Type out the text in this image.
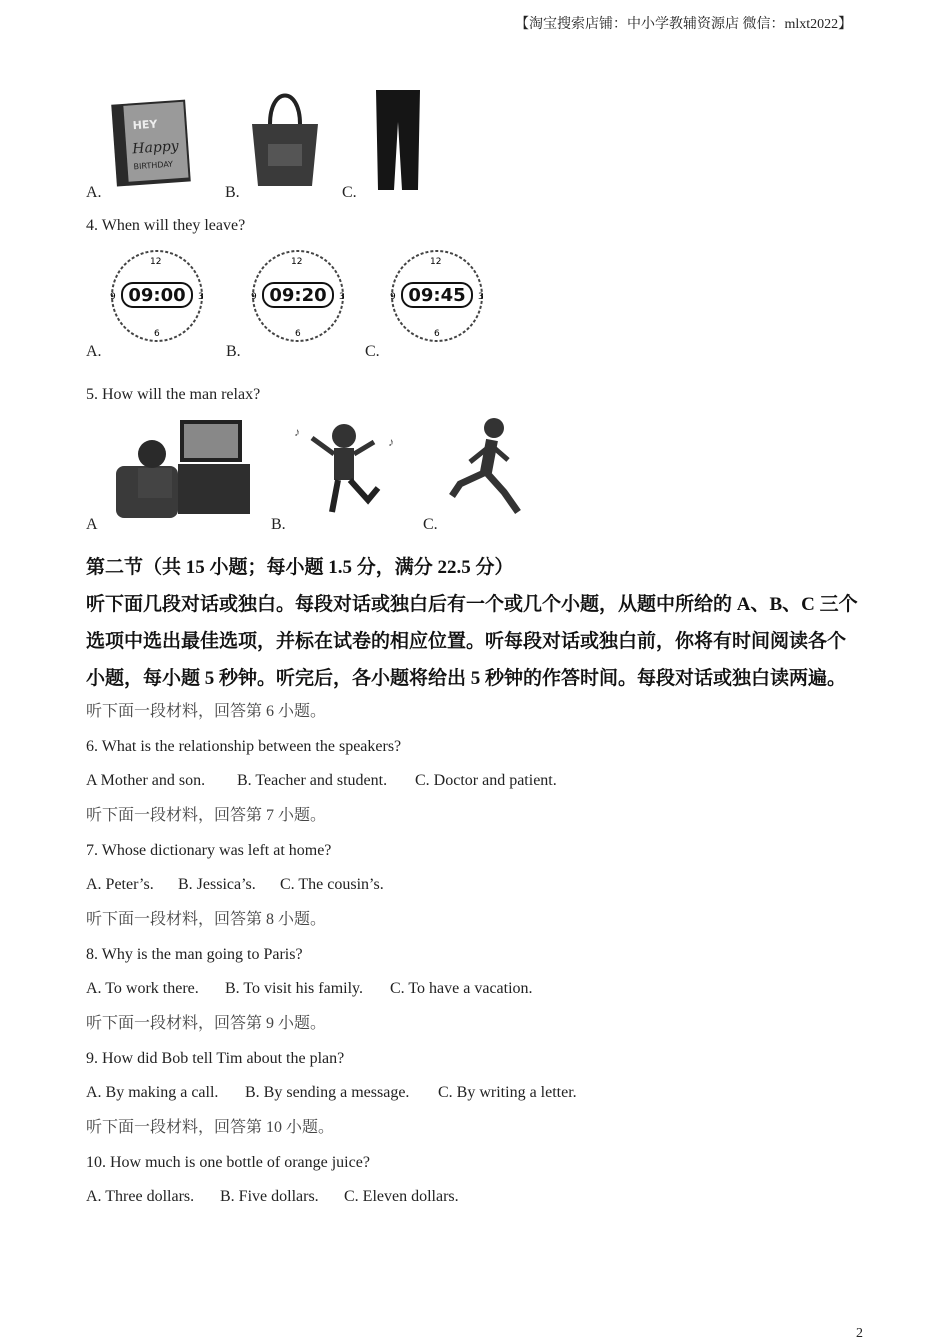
【淘宝搜索店铺：中小学教辅资源店 微信：mlxt2022】
HEY
Happy
BIRTHDAY
A.	B.	C.
4. When will they leave?
12
3
6
9 09:00
12
3
6
9 09:20
12
3
6
9 09:45
A.	B.	C.
5. How will the man relax?
♪
♪
A	B.	C.
第二节（共 15 小题；每小题 1.5 分，满分 22.5 分）
听下面几段对话或独白。每段对话或独白后有一个或几个小题，从题中所给的 A、B、C 三个
选项中选出最佳选项，并标在试卷的相应位置。听每段对话或独白前，你将有时间阅读各个
小题，每小题 5 秒钟。听完后，各小题将给出 5 秒钟的作答时间。每段对话或独白读两遍。
听下面一段材料，回答第 6 小题。
6. What is the relationship between the speakers?
A Mother and son. B. Teacher and student. C. Doctor and patient.
听下面一段材料，回答第 7 小题。
7. Whose dictionary was left at home?
A. Peter’s. B. Jessica’s. C. The cousin’s.
听下面一段材料，回答第 8 小题。
8. Why is the man going to Paris?
A. To work there. B. To visit his family. C. To have a vacation.
听下面一段材料，回答第 9 小题。
9. How did Bob tell Tim about the plan?
A. By making a call. B. By sending a message. C. By writing a letter.
听下面一段材料，回答第 10 小题。
10. How much is one bottle of orange juice?
A. Three dollars. B. Five dollars. C. Eleven dollars.
2
